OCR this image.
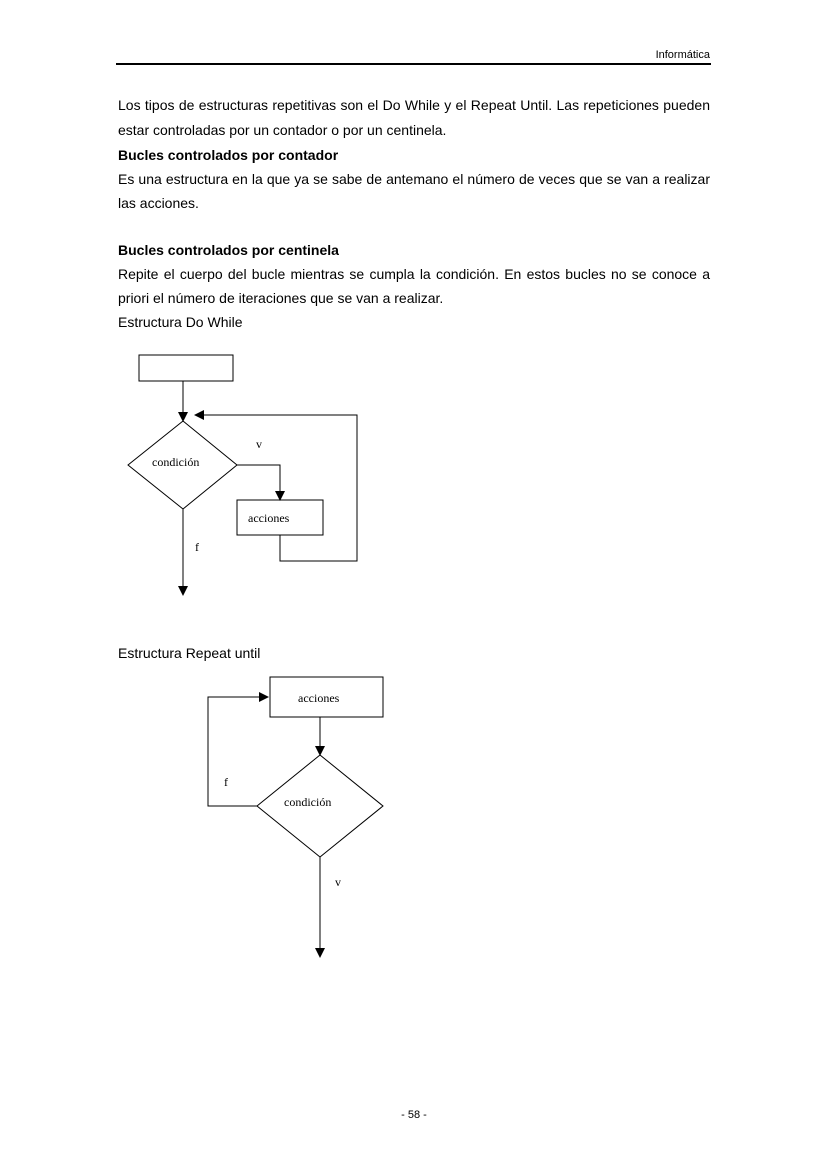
Informática
Los tipos de estructuras repetitivas son el Do While y el Repeat Until. Las repeticiones pueden
estar controladas por un contador o por un centinela.
Bucles controlados por contador
Es una estructura en la que ya se sabe de antemano el número de veces que se van a realizar
las acciones.
Bucles controlados por centinela
Repite el cuerpo del bucle mientras se cumpla la condición. En estos bucles no se conoce a
priori el número de iteraciones que se van a realizar.
Estructura Do While
Estructura Repeat until
condición
acciones
v
f
acciones
condición
f
v
- 58 -
